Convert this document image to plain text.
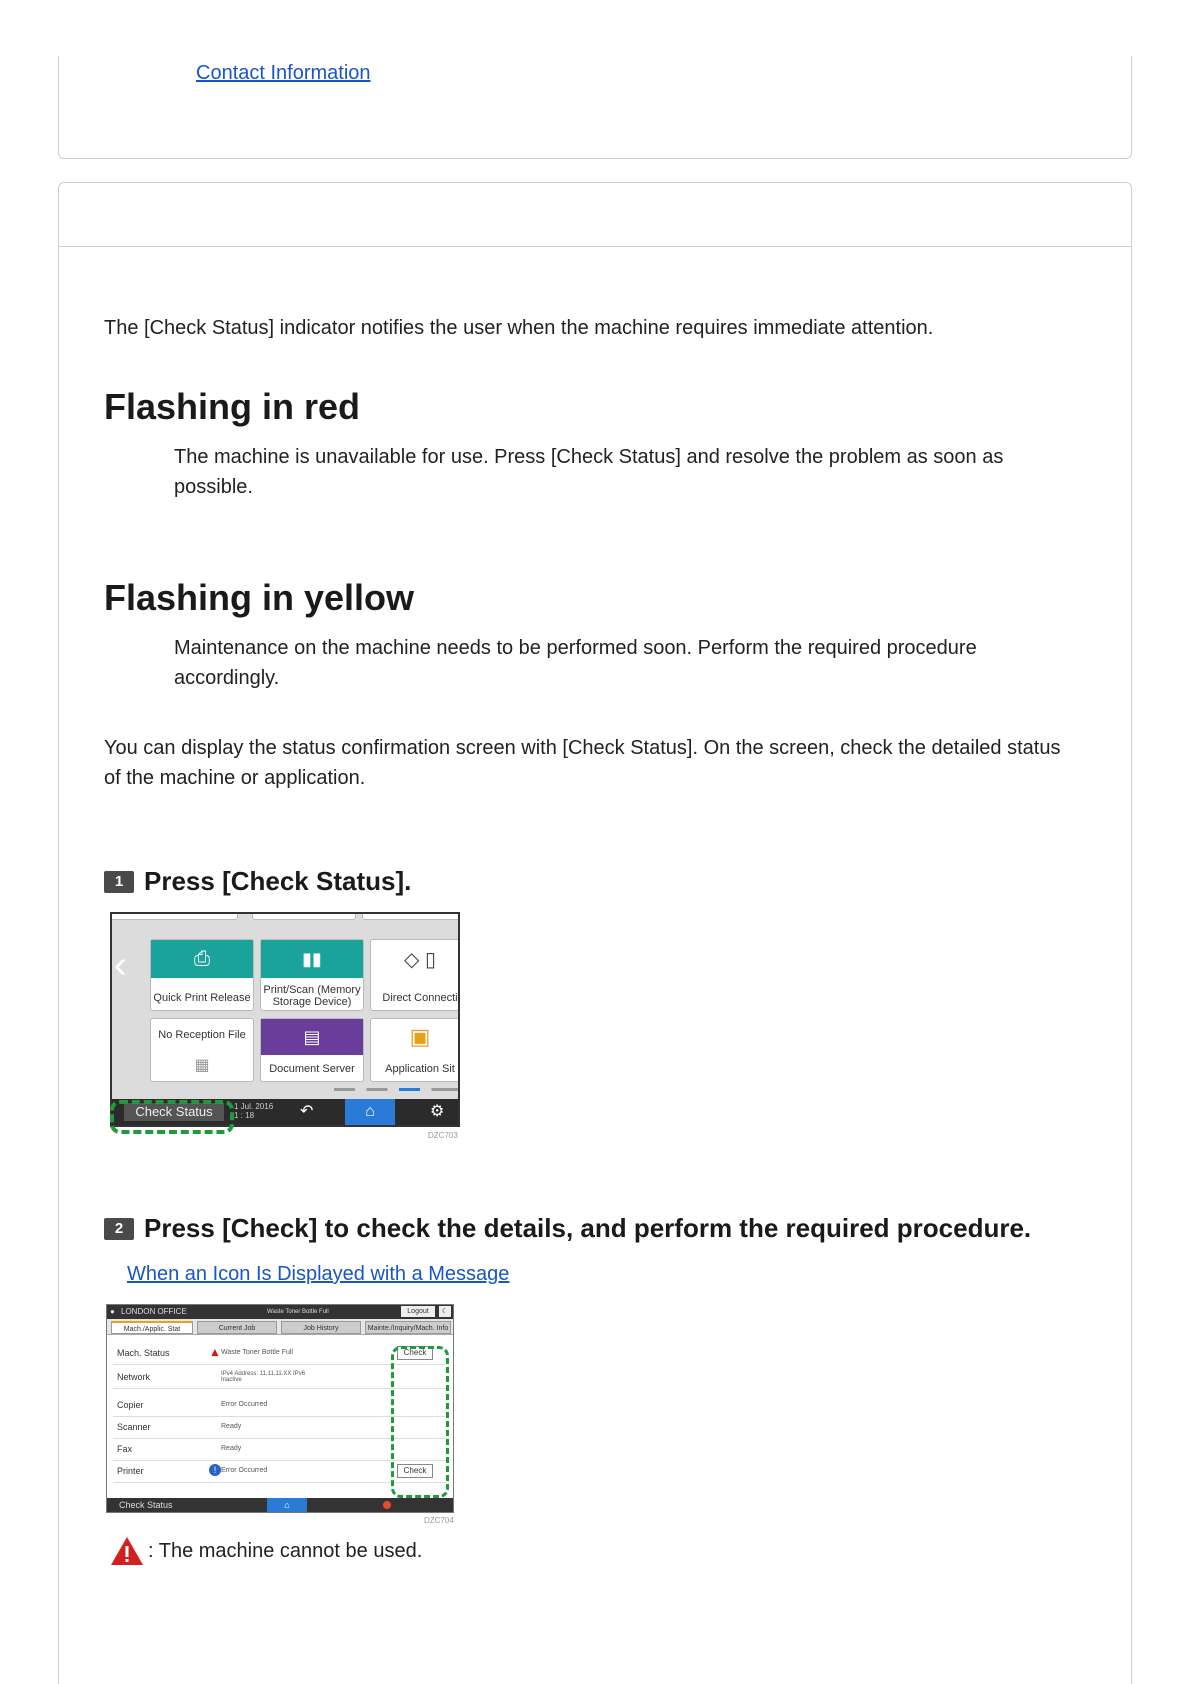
Contact Information
The [Check Status] indicator notifies the user when the machine requires immediate attention.
Flashing in red
The machine is unavailable for use. Press [Check Status] and resolve the problem as soon as possible.
Flashing in yellow
Maintenance on the machine needs to be performed soon. Perform the required procedure accordingly.
You can display the status confirmation screen with [Check Status]. On the screen, check the detailed status of the machine or application.
1 Press [Check Status].
‹	⎙
Quick Print Release
▮▮
Print/Scan (Memory Storage Device)
◇ ▯
Direct Connecti
No Reception File
▦
▤
Document Server
▣
Application Sit
Check Status	1 Jul. 2016
1 : 18	↶	⌂	⚙
DZC703
2 Press [Check] to check the details, and perform the required procedure.
When an Icon Is Displayed with a Message
● LONDON OFFICE	Waste Toner Bottle Full	Logout	☾
Mach./Applic. Stat	Current Job	Job History	Mainte./Inquiry/Mach. Info
Mach. Status	▲ Waste Toner Bottle Full	Check
Network	IPv4 Address: 11.11.11.XX IPv6 Inactive
Copier	Error Occurred
Scanner	Ready
Fax	Ready
Printer	! Error Occurred	Check
Check Status	⌂
DZC704
: The machine cannot be used.
